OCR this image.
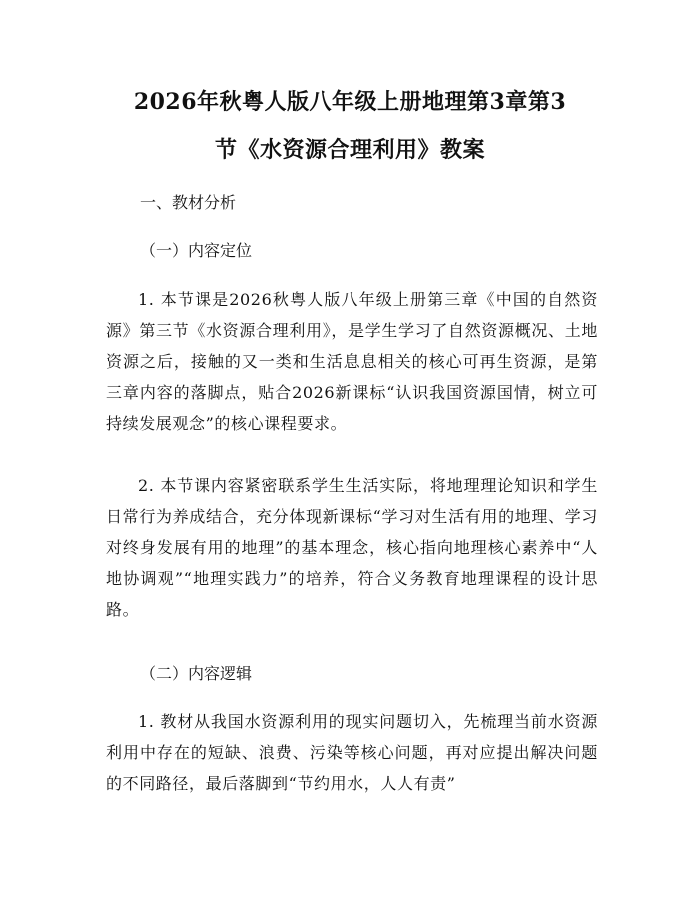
2026年秋粤人版八年级上册地理第3章第3
节《水资源合理利用》教案

一、教材分析

（一）内容定位

1. 本节课是2026秋粤人版八年级上册第三章《中国的自然资源》第三节《水资源合理利用》，是学生学习了自然资源概况、土地资源之后，接触的又一类和生活息息相关的核心可再生资源，是第三章内容的落脚点，贴合2026新课标“认识我国资源国情，树立可持续发展观念”的核心课程要求。

2. 本节课内容紧密联系学生生活实际，将地理理论知识和学生日常行为养成结合，充分体现新课标“学习对生活有用的地理、学习对终身发展有用的地理”的基本理念，核心指向地理核心素养中“人地协调观”“地理实践力”的培养，符合义务教育地理课程的设计思路。

（二）内容逻辑

1. 教材从我国水资源利用的现实问题切入，先梳理当前水资源利用中存在的短缺、浪费、污染等核心问题，再对应提出解决问题的不同路径，最后落脚到“节约用水，人人有责”
